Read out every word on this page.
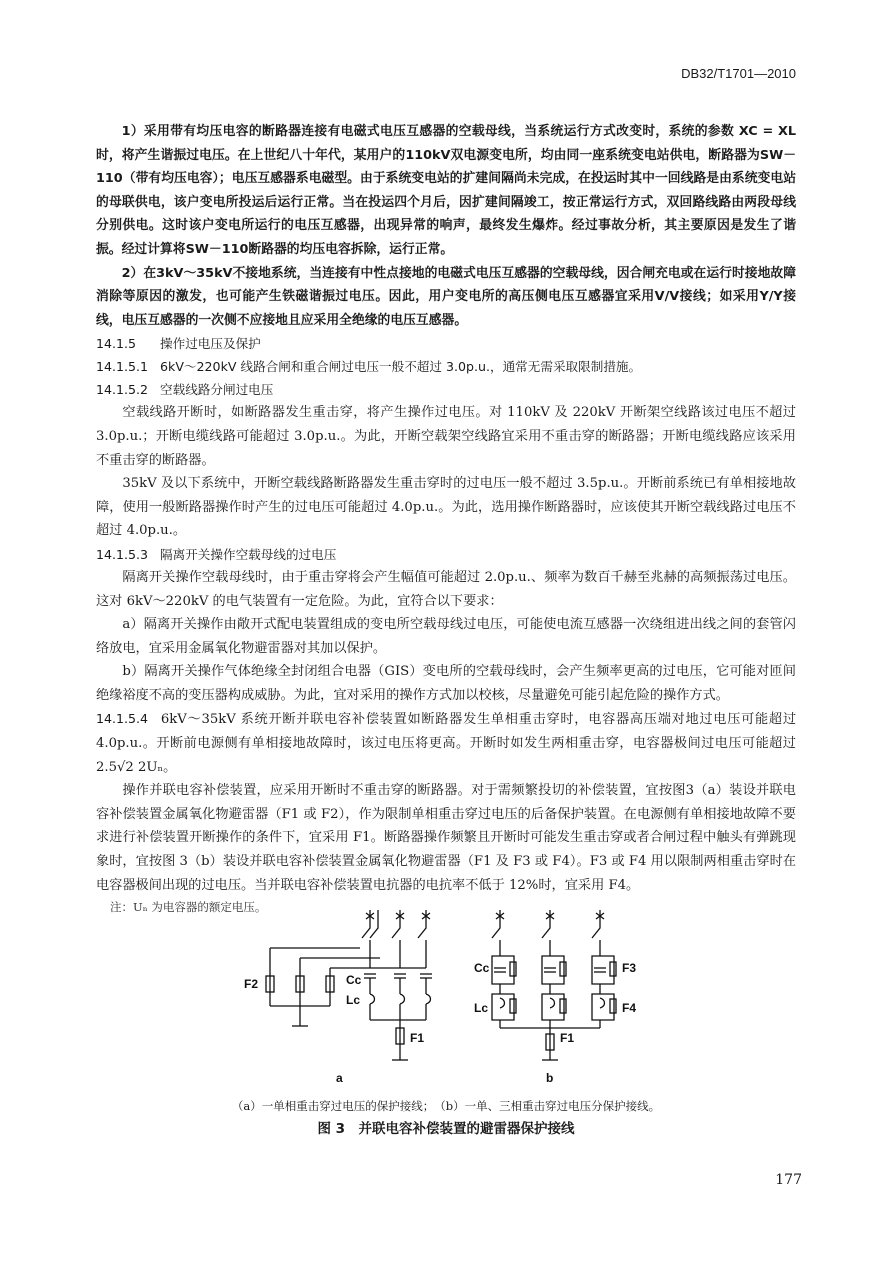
DB32/T1701—2010

1）采用带有均压电容的断路器连接有电磁式电压互感器的空载母线，当系统运行方式改变时，系统的参数 XC = XL 时，将产生谐振过电压。在上世纪八十年代，某用户的110kV双电源变电所，均由同一座系统变电站供电，断路器为SW－110（带有均压电容）；电压互感器系电磁型。由于系统变电站的扩建间隔尚未完成，在投运时其中一回线路是由系统变电站的母联供电，该户变电所投运后运行正常。当在投运四个月后，因扩建间隔竣工，按正常运行方式，双回路线路由两段母线分别供电。这时该户变电所运行的电压互感器，出现异常的响声，最终发生爆炸。经过事故分析，其主要原因是发生了谐振。经过计算将SW－110断路器的均压电容拆除，运行正常。

2）在3kV～35kV不接地系统，当连接有中性点接地的电磁式电压互感器的空载母线，因合闸充电或在运行时接地故障消除等原因的激发，也可能产生铁磁谐振过电压。因此，用户变电所的高压侧电压互感器宜采用V/V接线；如采用Y/Y接线，电压互感器的一次侧不应接地且应采用全绝缘的电压互感器。

14.1.5 操作过电压及保护

14.1.5.1 6kV～220kV 线路合闸和重合闸过电压一般不超过 3.0p.u.，通常无需采取限制措施。

14.1.5.2 空载线路分闸过电压

空载线路开断时，如断路器发生重击穿，将产生操作过电压。对 110kV 及 220kV 开断架空线路该过电压不超过 3.0p.u.；开断电缆线路可能超过 3.0p.u.。为此，开断空载架空线路宜采用不重击穿的断路器；开断电缆线路应该采用不重击穿的断路器。

35kV 及以下系统中，开断空载线路断路器发生重击穿时的过电压一般不超过 3.5p.u.。开断前系统已有单相接地故障，使用一般断路器操作时产生的过电压可能超过 4.0p.u.。为此，选用操作断路器时，应该使其开断空载线路过电压不超过 4.0p.u.。

14.1.5.3 隔离开关操作空载母线的过电压

隔离开关操作空载母线时，由于重击穿将会产生幅值可能超过 2.0p.u.、频率为数百千赫至兆赫的高频振荡过电压。这对 6kV～220kV 的电气装置有一定危险。为此，宜符合以下要求：

a）隔离开关操作由敞开式配电装置组成的变电所空载母线过电压，可能使电流互感器一次绕组进出线之间的套管闪络放电，宜采用金属氧化物避雷器对其加以保护。

b）隔离开关操作气体绝缘全封闭组合电器（GIS）变电所的空载母线时，会产生频率更高的过电压，它可能对匝间绝缘裕度不高的变压器构成威胁。为此，宜对采用的操作方式加以校核，尽量避免可能引起危险的操作方式。

14.1.5.4 6kV～35kV 系统开断并联电容补偿装置如断路器发生单相重击穿时，电容器高压端对地过电压可能超过 4.0p.u.。开断前电源侧有单相接地故障时，该过电压将更高。开断时如发生两相重击穿，电容器极间过电压可能超过 2.5√2 2Uₙ。

操作并联电容补偿装置，应采用开断时不重击穿的断路器。对于需频繁投切的补偿装置，宜按图3（a）装设并联电容补偿装置金属氧化物避雷器（F1 或 F2），作为限制单相重击穿过电压的后备保护装置。在电源侧有单相接地故障不要求进行补偿装置开断操作的条件下，宜采用 F1。断路器操作频繁且开断时可能发生重击穿或者合闸过程中触头有弹跳现象时，宜按图 3（b）装设并联电容补偿装置金属氧化物避雷器（F1 及 F3 或 F4）。F3 或 F4 用以限制两相重击穿时在电容器极间出现的过电压。当并联电容补偿装置电抗器的电抗率不低于 12%时，宜采用 F4。

注：Uₙ 为电容器的额定电压。

F2	Cc
Lc
F1
a
Cc
Lc
F3
F4
F1
b
（a）一单相重击穿过电压的保护接线；　（b）一单、三相重击穿过电压分保护接线。
图 3　并联电容补偿装置的避雷器保护接线
177
